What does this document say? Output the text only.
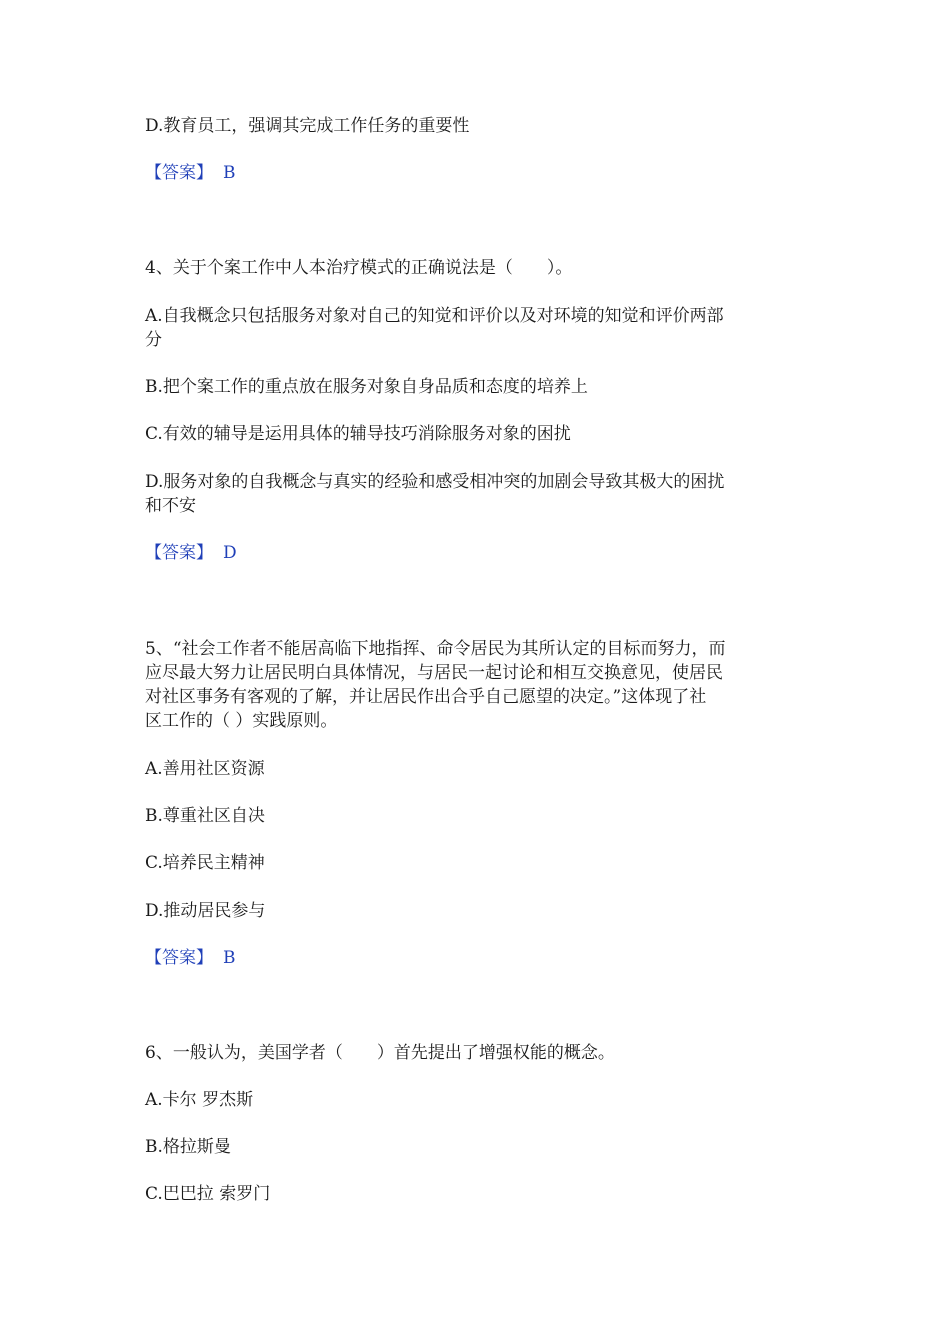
D.教育员工，强调其完成工作任务的重要性
【答案】 B
4、关于个案工作中人本治疗模式的正确说法是（　　）。
A.自我概念只包括服务对象对自己的知觉和评价以及对环境的知觉和评价两部
分
B.把个案工作的重点放在服务对象自身品质和态度的培养上
C.有效的辅导是运用具体的辅导技巧消除服务对象的困扰
D.服务对象的自我概念与真实的经验和感受相冲突的加剧会导致其极大的困扰
和不安
【答案】 D
5、“社会工作者不能居高临下地指挥、命令居民为其所认定的目标而努力，而
应尽最大努力让居民明白具体情况，与居民一起讨论和相互交换意见，使居民
对社区事务有客观的了解，并让居民作出合乎自己愿望的决定。”这体现了社
区工作的（ ）实践原则。
A.善用社区资源
B.尊重社区自决
C.培养民主精神
D.推动居民参与
【答案】 B
6、一般认为，美国学者（　　）首先提出了增强权能的概念。
A.卡尔 罗杰斯
B.格拉斯曼
C.巴巴拉 索罗门
